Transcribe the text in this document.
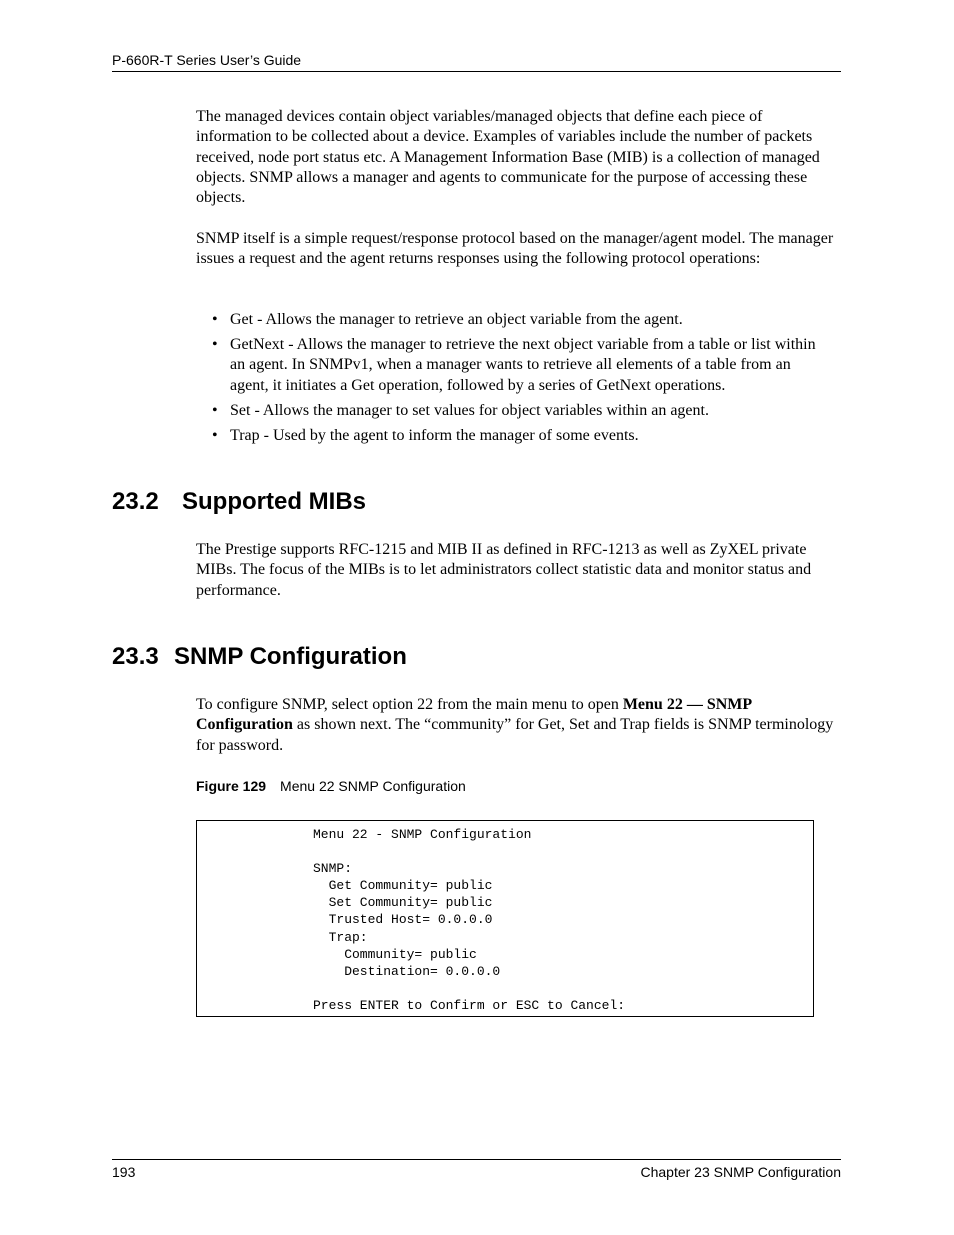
P-660R-T Series User’s Guide

The managed devices contain object variables/managed objects that define each piece of information to be collected about a device. Examples of variables include the number of packets received, node port status etc. A Management Information Base (MIB) is a collection of managed objects. SNMP allows a manager and agents to communicate for the purpose of accessing these objects.

SNMP itself is a simple request/response protocol based on the manager/agent model. The manager issues a request and the agent returns responses using the following protocol operations:

• Get - Allows the manager to retrieve an object variable from the agent.
• GetNext - Allows the manager to retrieve the next object variable from a table or list within an agent. In SNMPv1, when a manager wants to retrieve all elements of a table from an agent, it initiates a Get operation, followed by a series of GetNext operations.
• Set - Allows the manager to set values for object variables within an agent.
• Trap - Used by the agent to inform the manager of some events.
23.2 Supported MIBs

The Prestige supports RFC-1215 and MIB II as defined in RFC-1213 as well as ZyXEL private MIBs. The focus of the MIBs is to let administrators collect statistic data and monitor status and performance.

23.3 SNMP Configuration

To configure SNMP, select option 22 from the main menu to open Menu 22 — SNMP Configuration as shown next. The “community” for Get, Set and Trap fields is SNMP terminology for password.

Figure 129 Menu 22 SNMP Configuration
Menu 22 - SNMP Configuration

SNMP:
Get Community= public
Set Community= public
Trusted Host= 0.0.0.0
Trap:
Community= public
Destination= 0.0.0.0

Press ENTER to Confirm or ESC to Cancel:
193	Chapter 23 SNMP Configuration
